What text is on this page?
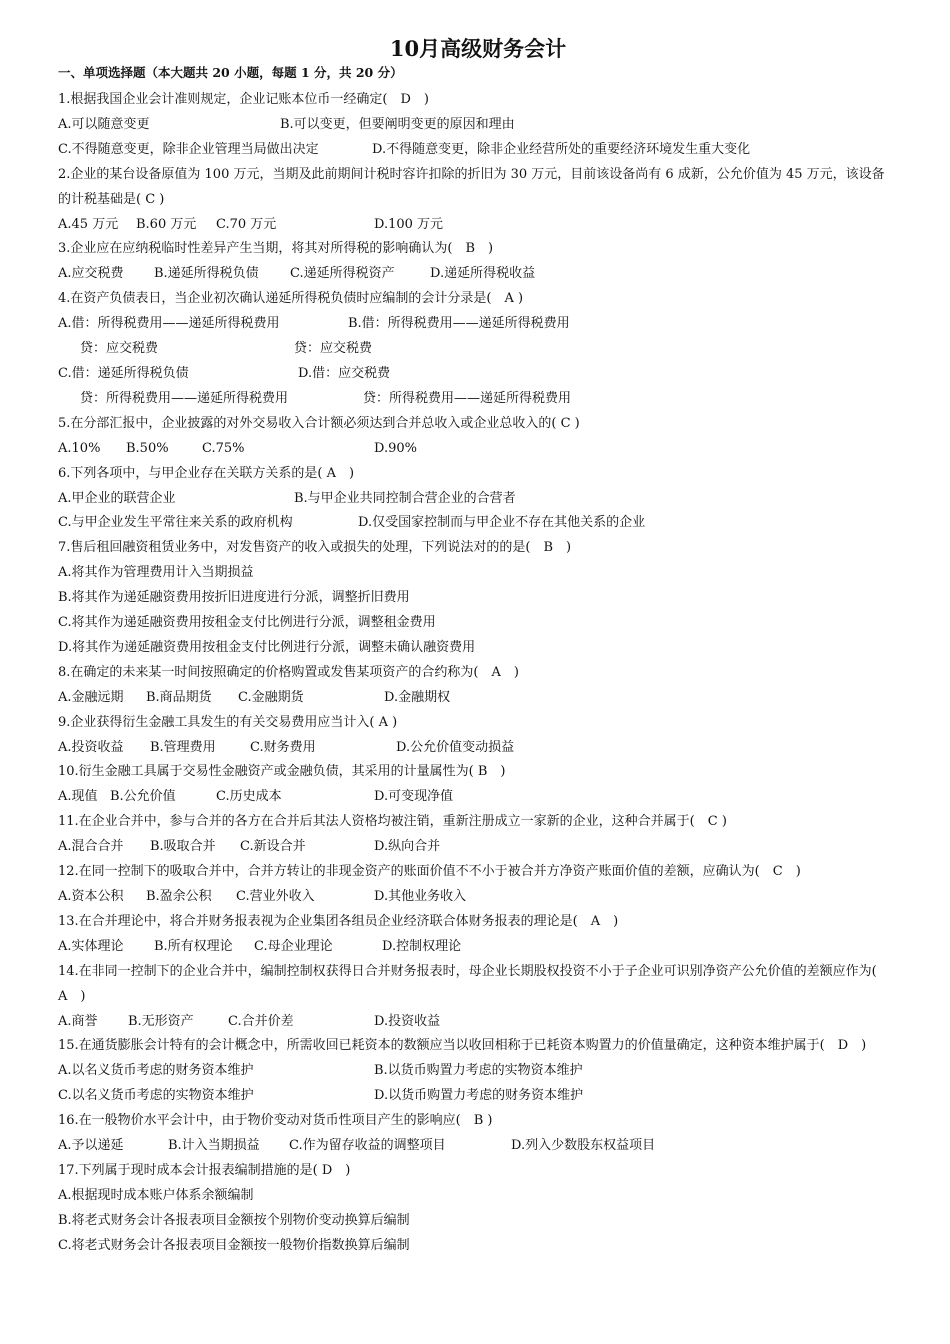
10月高级财务会计
一、单项选择题（本大题共 20 小题，每题 1 分，共 20 分）
1.根据我国企业会计准则规定，企业记账本位币一经确定(　D　)
A.可以随意变更	B.可以变更，但要阐明变更的原因和理由
C.不得随意变更，除非企业管理当局做出决定	D.不得随意变更，除非企业经营所处的重要经济环境发生重大变化
2.企业的某台设备原值为 100 万元，当期及此前期间计税时容许扣除的折旧为 30 万元，目前该设备尚有 6 成新，公允价值为 45 万元，该设备的计税基础是( C )
A.45 万元	B.60 万元	C.70 万元	D.100 万元
3.企业应在应纳税临时性差异产生当期，将其对所得税的影响确认为(　B　)
A.应交税费	B.递延所得税负债	C.递延所得税资产	D.递延所得税收益
4.在资产负债表日，当企业初次确认递延所得税负债时应编制的会计分录是(　A )
A.借：所得税费用——递延所得税费用	B.借：所得税费用——递延所得税费用
贷：应交税费	贷：应交税费
C.借：递延所得税负债	D.借：应交税费
贷：所得税费用——递延所得税费用	贷：所得税费用——递延所得税费用
5.在分部汇报中，企业披露的对外交易收入合计额必须达到合并总收入或企业总收入的( C )
A.10%	B.50%	C.75%	D.90%
6.下列各项中，与甲企业存在关联方关系的是( A　)
A.甲企业的联营企业	B.与甲企业共同控制合营企业的合营者
C.与甲企业发生平常往来关系的政府机构	D.仅受国家控制而与甲企业不存在其他关系的企业
7.售后租回融资租赁业务中，对发售资产的收入或损失的处理，下列说法对的的是(　B　)
A.将其作为管理费用计入当期损益
B.将其作为递延融资费用按折旧进度进行分派，调整折旧费用
C.将其作为递延融资费用按租金支付比例进行分派，调整租金费用
D.将其作为递延融资费用按租金支付比例进行分派，调整未确认融资费用
8.在确定的未来某一时间按照确定的价格购置或发售某项资产的合约称为(　A　)
A.金融远期	B.商品期货	C.金融期货	D.金融期权
9.企业获得衍生金融工具发生的有关交易费用应当计入( A )
A.投资收益	B.管理费用	C.财务费用	D.公允价值变动损益
10.衍生金融工具属于交易性金融资产或金融负债，其采用的计量属性为( B　)
A.现值 B.公允价值	C.历史成本	D.可变现净值
11.在企业合并中，参与合并的各方在合并后其法人资格均被注销，重新注册成立一家新的企业，这种合并属于(　C )
A.混合合并	B.吸取合并	C.新设合并	D.纵向合并
12.在同一控制下的吸取合并中，合并方转让的非现金资产的账面价值不不小于被合并方净资产账面价值的差额，应确认为(　C　)
A.资本公积	B.盈余公积	C.营业外收入	D.其他业务收入
13.在合并理论中，将合并财务报表视为企业集团各组员企业经济联合体财务报表的理论是(　A　)
A.实体理论	B.所有权理论	C.母企业理论	D.控制权理论
14.在非同一控制下的企业合并中，编制控制权获得日合并财务报表时，母企业长期股权投资不小于子企业可识别净资产公允价值的差额应作为(　A　)
A.商誉	B.无形资产	C.合并价差	D.投资收益
15.在通货膨胀会计特有的会计概念中，所需收回已耗资本的数额应当以收回相称于已耗资本购置力的价值量确定，这种资本维护属于(　D　)
A.以名义货币考虑的财务资本维护	B.以货币购置力考虑的实物资本维护
C.以名义货币考虑的实物资本维护	D.以货币购置力考虑的财务资本维护
16.在一般物价水平会计中，由于物价变动对货币性项目产生的影响应(　B )
A.予以递延	B.计入当期损益	C.作为留存收益的调整项目	D.列入少数股东权益项目
17.下列属于现时成本会计报表编制措施的是( D　)
A.根据现时成本账户体系余额编制
B.将老式财务会计各报表项目金额按个别物价变动换算后编制
C.将老式财务会计各报表项目金额按一般物价指数换算后编制
